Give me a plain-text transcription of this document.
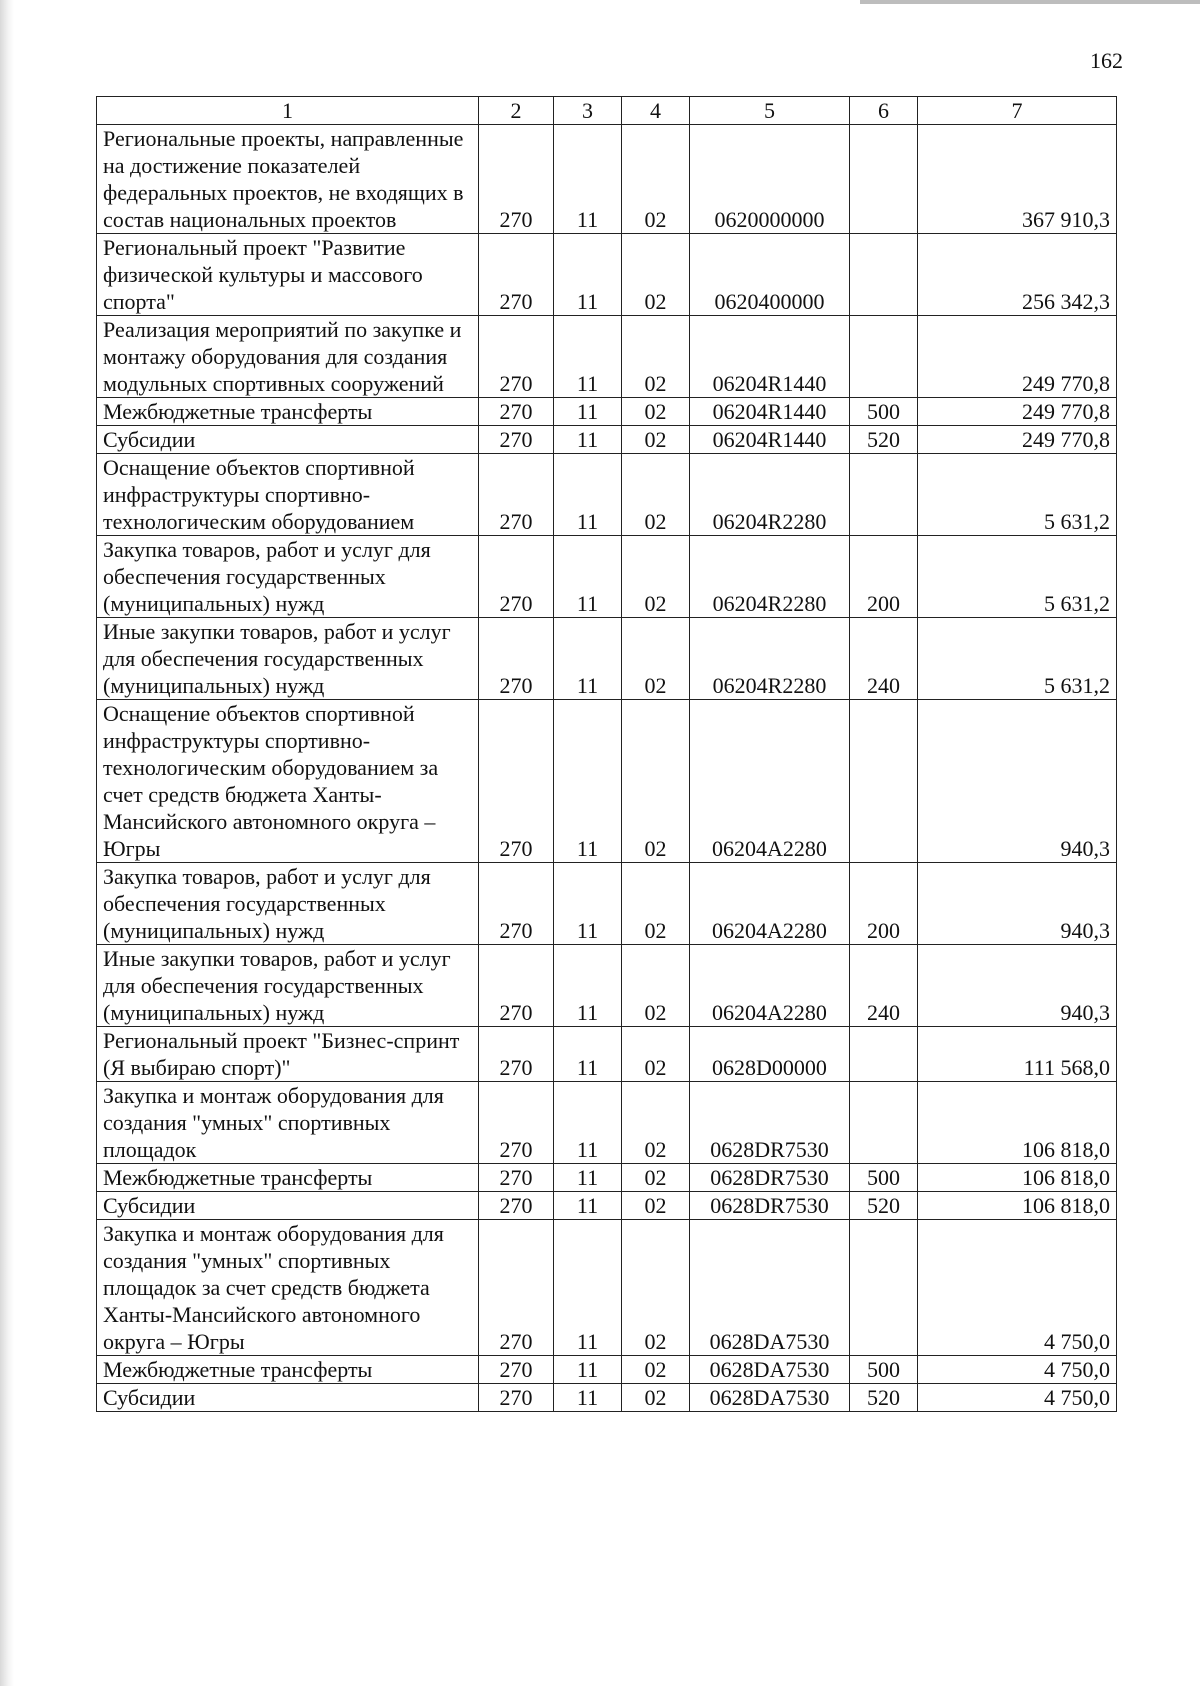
162
1	2	3	4	5	6	7
Региональные проекты, направленные на достижение показателей федеральных проектов, не входящих в состав национальных проектов	270	11	02	0620000000		367 910,3
Региональный проект "Развитие физической культуры и массового спорта"	270	11	02	0620400000		256 342,3
Реализация мероприятий по закупке и монтажу оборудования для создания модульных спортивных сооружений	270	11	02	06204R1440		249 770,8
Межбюджетные трансферты	270	11	02	06204R1440	500	249 770,8
Субсидии	270	11	02	06204R1440	520	249 770,8
Оснащение объектов спортивной инфраструктуры спортивно-технологическим оборудованием	270	11	02	06204R2280		5 631,2
Закупка товаров, работ и услуг для обеспечения государственных (муниципальных) нужд	270	11	02	06204R2280	200	5 631,2
Иные закупки товаров, работ и услуг для обеспечения государственных (муниципальных) нужд	270	11	02	06204R2280	240	5 631,2
Оснащение объектов спортивной инфраструктуры спортивно-технологическим оборудованием за счет средств бюджета Ханты-Мансийского автономного округа – Югры	270	11	02	06204A2280		940,3
Закупка товаров, работ и услуг для обеспечения государственных (муниципальных) нужд	270	11	02	06204A2280	200	940,3
Иные закупки товаров, работ и услуг для обеспечения государственных (муниципальных) нужд	270	11	02	06204A2280	240	940,3
Региональный проект "Бизнес-спринт (Я выбираю спорт)"	270	11	02	0628D00000		111 568,0
Закупка и монтаж оборудования для создания "умных" спортивных площадок	270	11	02	0628DR7530		106 818,0
Межбюджетные трансферты	270	11	02	0628DR7530	500	106 818,0
Субсидии	270	11	02	0628DR7530	520	106 818,0
Закупка и монтаж оборудования для создания "умных" спортивных площадок за счет средств бюджета Ханты-Мансийского автономного округа – Югры	270	11	02	0628DA7530		4 750,0
Межбюджетные трансферты	270	11	02	0628DA7530	500	4 750,0
Субсидии	270	11	02	0628DA7530	520	4 750,0
